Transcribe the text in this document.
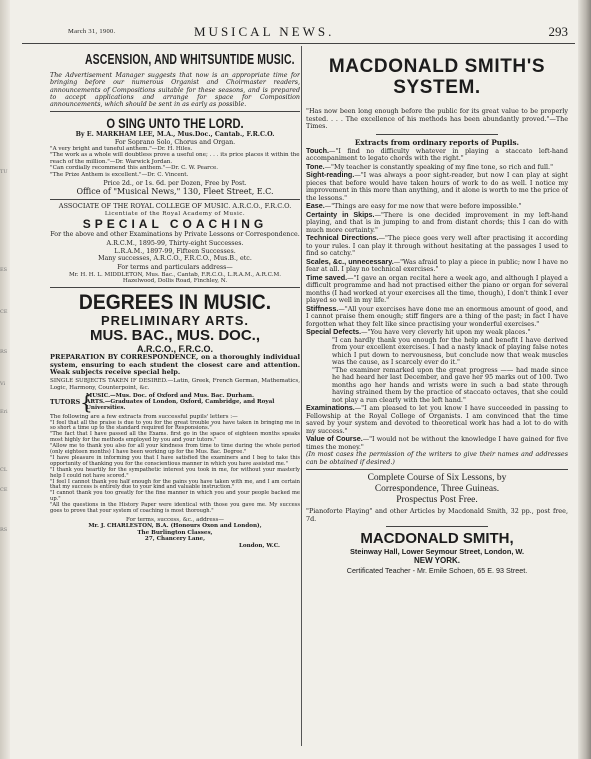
TU
ES
CE
RS
Vi
Eri
CL
CE
RS
March 31, 1900.	MUSICAL NEWS.	293
ASCENSION, AND WHITSUNTIDE MUSIC.
The Advertisement Manager suggests that now is an appropriate time for bringing before our numerous Organist and Choirmaster readers, announcements of Compositions suitable for these seasons, and is prepared to accept applications and arrange for space for Composition announcements, which should be sent in as early as possible.
O SING UNTO THE LORD.
By E. MARKHAM LEE, M.A., Mus.Doc., Cantab., F.R.C.O.
For Soprano Solo, Chorus and Organ.
"A very bright and tuneful anthem."—Dr. H. Hiles.
"The work as a whole will doubtless prove a useful one; . . . its price places it within the reach of the million."—Dr. Warwick Jordan.
"Can cordially recommend this anthem."—Dr. C. W. Pearce.
"The Prize Anthem is excellent."—Dr. C. Vincent.
Price 2d., or 1s. 6d. per Dozen, Free by Post.
Office of "Musical News," 130, Fleet Street, E.C.
ASSOCIATE OF THE ROYAL COLLEGE OF MUSIC. A.R.C.O., F.R.C.O.
Licentiate of the Royal Academy of Music.
SPECIAL COACHING
For the above and other Examinations by Private Lessons or Correspondence.
A.R.C.M., 1895-99, Thirty-eight Successes.
L.R.A.M., 1897-99, Fifteen Successes.
Many successes, A.R.C.O., F.R.C.O., Mus.B., etc.
For terms and particulars address—
Mr. H. H. L. MIDDLETON, Mus. Bac., Cantab, F.R.C.O., L.R.A.M., A.R.C.M.
Hazelwood, Dollis Road, Finchley, N.
DEGREES IN MUSIC.
PRELIMINARY ARTS.
MUS. BAC., MUS. DOC.,
A.R.C.O., F.R.C.O.
PREPARATION BY CORRESPONDENCE, on a thoroughly individual system, ensuring to each student the closest care and attention. Weak subjects receive special help.
SINGLE SUBJECTS TAKEN IF DESIRED.—Latin, Greek, French German, Mathematics, Logic, Harmony, Counterpoint, &c.
TUTORS {
MUSIC.—Mus. Doc. of Oxford and Mus. Bac. Durham.
ARTS.—Graduates of London, Oxford, Cambridge, and Royal Universities.
The following are a few extracts from successful pupils' letters :—
"I feel that all the praise is due to you for the great trouble you have taken in bringing me in so short a time up to the standard required for Responsions."
"The fact that I have passed all the Exams. first go in the space of eighteen months speaks most highly for the methods employed by you and your tutors."
"Allow me to thank you also for all your kindness from time to time during the whole period (only eighteen months) I have been working up for the Mus. Bac. Degree."
"I have pleasure in informing you that I have satisfied the examiners and I beg to take this opportunity of thanking you for the conscientious manner in which you have assisted me."
"I thank you heartily for the sympathetic interest you took in me, for without your masterly help I could not have scored."
"I feel I cannot thank you half enough for the pains you have taken with me, and I am certain that my success is entirely due to your kind and valuable instruction."
"I cannot thank you too greatly for the fine manner in which you and your people backed me up."
"All the questions in the History Paper were identical with those you gave me. My success goes to prove that your system of coaching is most thorough."
For terms, success, &c., address—
Mr. J. CHARLESTON, B.A. (Honours Oxon and London),
The Burlington Classes,
27, Chancery Lane,
London, W.C.
MACDONALD SMITH'S
SYSTEM.
"Has now been long enough before the public for its great value to be properly tested. . . . The excellence of his methods has been abundantly proved."—The Times.
Extracts from ordinary reports of Pupils.
Touch.—"I find no difficulty whatever in playing a staccato left-hand accompaniment to legato chords with the right."
Tone.—"My teacher is constantly speaking of my fine tone, so rich and full."
Sight-reading.—"I was always a poor sight-reader, but now I can play at sight pieces that before would have taken hours of work to do as well. I notice my improvement in this more than anything, and it alone is worth to me the price of the lessons."
Ease.—"Things are easy for me now that were before impossible."
Certainty in Skips.—"There is one decided improvement in my left-hand playing, and that is in jumping to and from distant chords; this I can do with much more certainty."
Technical Directions.—"The piece goes very well after practising it according to your rules. I can play it through without hesitating at the passages I used to find so catchy."
Scales, &c., unnecessary.—"Was afraid to play a piece in public; now I have no fear at all. I play no technical exercises."
Time saved.—"I gave an organ recital here a week ago, and although I played a difficult programme and had not practised either the piano or organ for several months (I had worked at your exercises all the time, though), I don't think I ever played so well in my life."
Stiffness.—"All your exercises have done me an enormous amount of good, and I cannot praise them enough; stiff fingers are a thing of the past; in fact I have forgotten what they felt like since practising your wonderful exercises."
Special Defects.—"You have very cleverly hit upon my weak places."
"I can hardly thank you enough for the help and benefit I have derived from your excellent exercises. I had a nasty knack of playing false notes which I put down to nervousness, but conclude now that weak muscles was the cause, as I scarcely ever do it."
"The examiner remarked upon the great progress —— had made since he had heard her last December, and gave her 95 marks out of 100. Two months ago her hands and wrists were in such a bad state through having strained them by the practice of staccato octaves, that she could not play a run clearly with the left hand."
Examinations.—"I am pleased to let you know I have succeeded in passing to Fellowship at the Royal College of Organists. I am convinced that the time saved by your system and devoted to theoretical work has had a lot to do with my success."
Value of Course.—"I would not be without the knowledge I have gained for five times the money."
(In most cases the permission of the writers to give their names and addresses can be obtained if desired.)
Complete Course of Six Lessons, by
Correspondence, Three Guineas.
Prospectus Post Free.
"Pianoforte Playing" and other Articles by Macdonald Smith, 32 pp., post free, 7d.
MACDONALD SMITH,
Steinway Hall, Lower Seymour Street, London, W.
NEW YORK.
Certificated Teacher - Mr. Emile Schoen, 65 E. 93 Street.
